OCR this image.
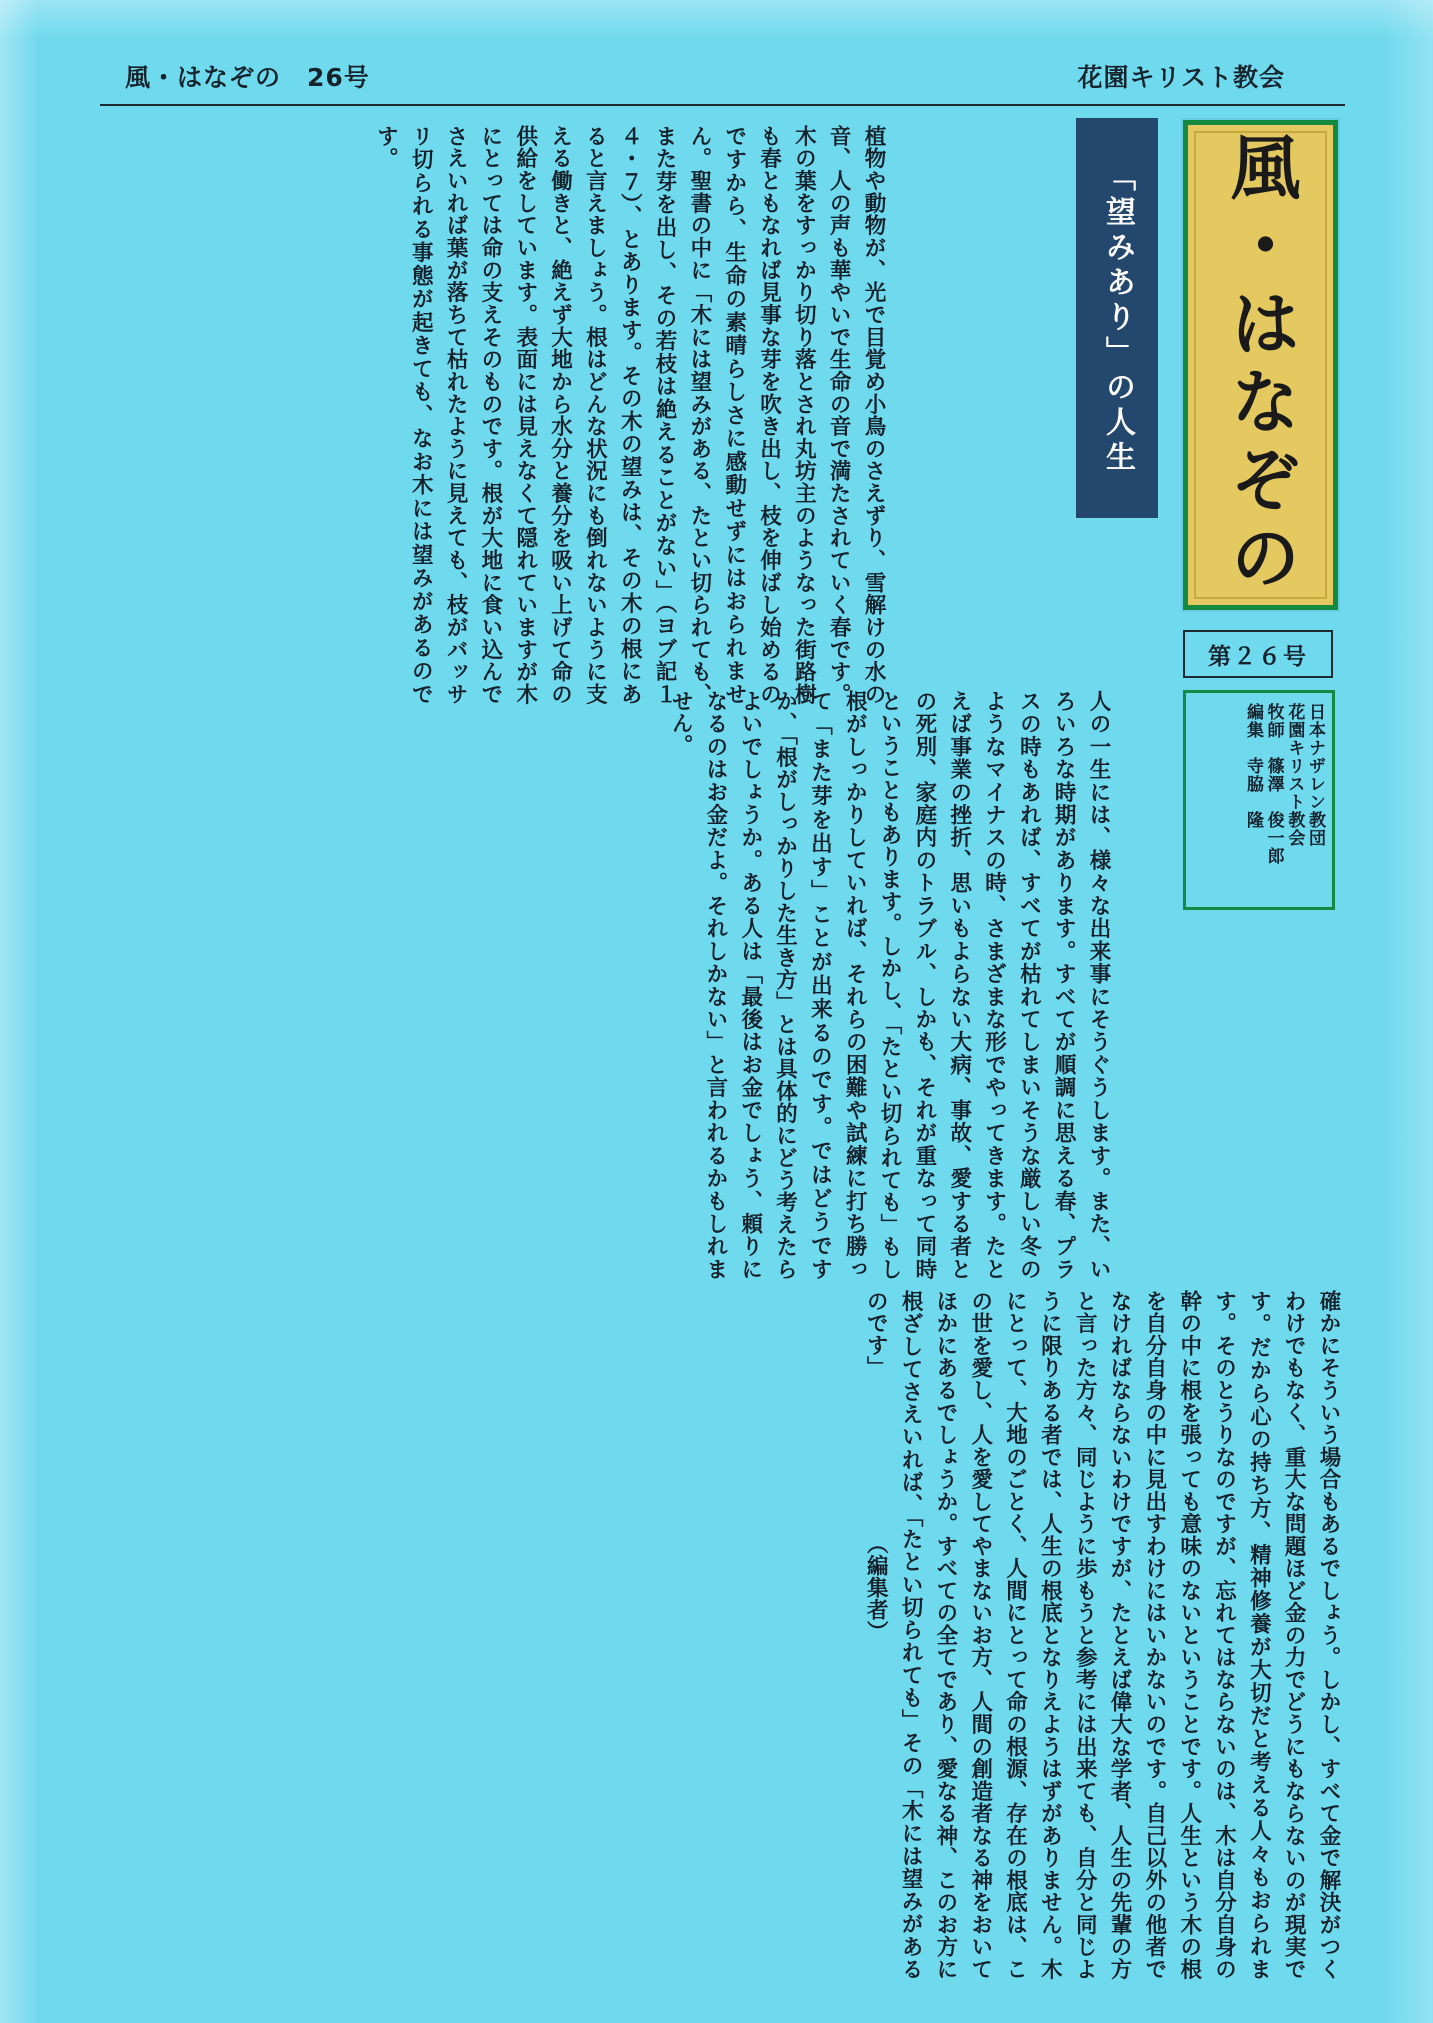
風・はなぞの　26号	花園キリスト教会
風・はなぞの
「望みあり」の人生
第２６号
日本ナザレン教団
花園キリスト教会
牧師　篠澤　俊一郎
編集　寺脇　隆
植物や動物が、光で目覚め小鳥のさえずり、雪解けの水の音、人の声も華やいで生命の音で満たされていく春です。木の葉をすっかり切り落とされ丸坊主のようなった街路樹も春ともなれば見事な芽を吹き出し、枝を伸ばし始めるのですから、生命の素晴らしさに感動せずにはおられません。聖書の中に「木には望みがある、たとい切られても、また芽を出し、その若枝は絶えることがない」（ヨブ記１４・７）、とあります。その木の望みは、その木の根にあると言えましょう。根はどんな状況にも倒れないように支える働きと、絶えず大地から水分と養分を吸い上げて命の供給をしています。表面には見えなくて隠れていますが木にとっては命の支えそのものです。根が大地に食い込んでさえいれば葉が落ちて枯れたように見えても、枝がバッサリ切られる事態が起きても、なお木には望みがあるのです。
人の一生には、様々な出来事にそうぐうします。また、いろいろな時期があります。すべてが順調に思える春、プラスの時もあれば、すべてが枯れてしまいそうな厳しい冬のようなマイナスの時、さまざまな形でやってきます。たとえば事業の挫折、思いもよらない大病、事故、愛する者との死別、家庭内のトラブル、しかも、それが重なって同時ということもあります。しかし、「たとい切られても」もし根がしっかりしていれば、それらの困難や試練に打ち勝って「また芽を出す」ことが出来るのです。ではどうですか、「根がしっかりした生き方」とは具体的にどう考えたらよいでしょうか。ある人は「最後はお金でしょう、頼りになるのはお金だよ。それしかない」と言われるかもしれません。
確かにそういう場合もあるでしょう。しかし、すべて金で解決がつくわけでもなく、重大な問題ほど金の力でどうにもならないのが現実です。だから心の持ち方、精神修養が大切だと考える人々もおられます。そのとうりなのですが、忘れてはならないのは、木は自分自身の幹の中に根を張っても意味のないということです。人生という木の根を自分自身の中に見出すわけにはいかないのです。自己以外の他者でなければならないわけですが、たとえば偉大な学者、人生の先輩の方と言った方々、同じように歩もうと参考には出来ても、自分と同じように限りある者では、人生の根底となりえようはずがありません。木にとって、大地のごとく、人間にとって命の根源、存在の根底は、この世を愛し、人を愛してやまないお方、人間の創造者なる神をおいてほかにあるでしょうか。すべての全てであり、愛なる神、このお方に根ざしてさえいれば、「たとい切られても」その「木には望みがあるのです」　　　　　　　　（編集者）
